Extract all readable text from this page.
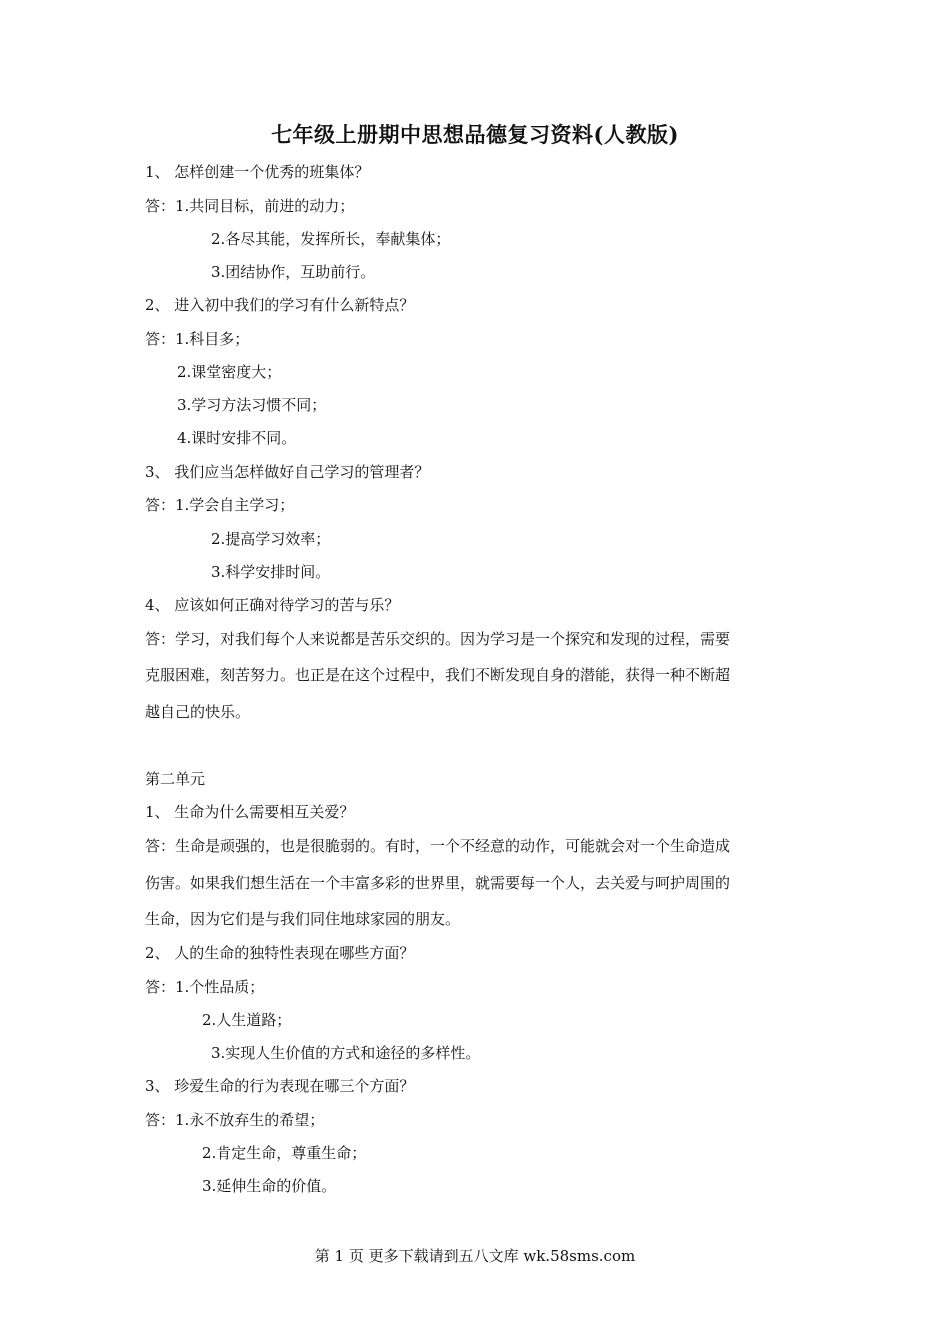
七年级上册期中思想品德复习资料(人教版)
1、 怎样创建一个优秀的班集体？
答：1.共同目标，前进的动力；
2.各尽其能，发挥所长，奉献集体；
3.团结协作，互助前行。
2、 进入初中我们的学习有什么新特点？
答：1.科目多；
2.课堂密度大；
3.学习方法习惯不同；
4.课时安排不同。
3、 我们应当怎样做好自己学习的管理者？
答：1.学会自主学习；
2.提高学习效率；
3.科学安排时间。
4、 应该如何正确对待学习的苦与乐？
答：学习，对我们每个人来说都是苦乐交织的。因为学习是一个探究和发现的过程，需要
克服困难，刻苦努力。也正是在这个过程中，我们不断发现自身的潜能，获得一种不断超
越自己的快乐。
第二单元
1、 生命为什么需要相互关爱？
答：生命是顽强的，也是很脆弱的。有时，一个不经意的动作，可能就会对一个生命造成
伤害。如果我们想生活在一个丰富多彩的世界里，就需要每一个人，去关爱与呵护周围的
生命，因为它们是与我们同住地球家园的朋友。
2、 人的生命的独特性表现在哪些方面？
答：1.个性品质；
2.人生道路；
3.实现人生价值的方式和途径的多样性。
3、 珍爱生命的行为表现在哪三个方面？
答：1.永不放弃生的希望；
2.肯定生命，尊重生命；
3.延伸生命的价值。
第 1 页 更多下载请到五八文库 wk.58sms.com
